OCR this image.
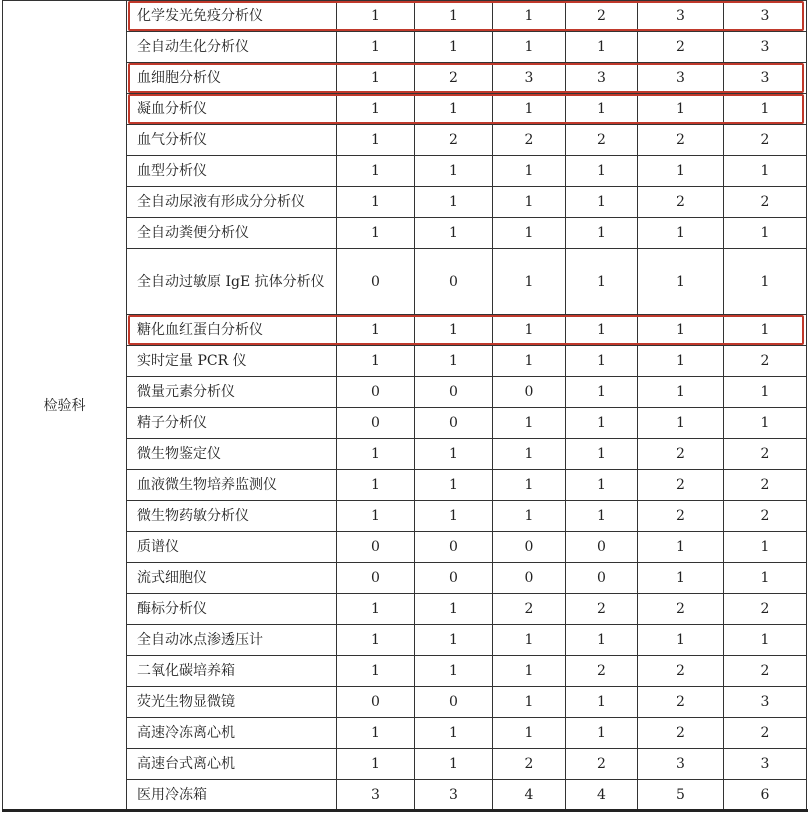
检验科	化学发光免疫分析仪	1	1	1	2	3	3
	全自动生化分析仪	1	1	1	1	2	3
	血细胞分析仪	1	2	3	3	3	3
	凝血分析仪	1	1	1	1	1	1
	血气分析仪	1	2	2	2	2	2
	血型分析仪	1	1	1	1	1	1
	全自动尿液有形成分分析仪	1	1	1	1	2	2
	全自动粪便分析仪	1	1	1	1	1	1

	全自动过敏原 IgE 抗体分析仪	0	0	1	1	1	1
	糖化血红蛋白分析仪	1	1	1	1	1	1
	实时定量 PCR 仪	1	1	1	1	1	2
	微量元素分析仪	0	0	0	1	1	1
	精子分析仪	0	0	1	1	1	1
	微生物鉴定仪	1	1	1	1	2	2
	血液微生物培养监测仪	1	1	1	1	2	2
	微生物药敏分析仪	1	1	1	1	2	2
	质谱仪	0	0	0	0	1	1
	流式细胞仪	0	0	0	0	1	1
	酶标分析仪	1	1	2	2	2	2
	全自动冰点渗透压计	1	1	1	1	1	1
	二氧化碳培养箱	1	1	1	2	2	2
	荧光生物显微镜	0	0	1	1	2	3
	高速冷冻离心机	1	1	1	1	2	2
	高速台式离心机	1	1	2	2	3	3
	医用冷冻箱	3	3	4	4	5	6
